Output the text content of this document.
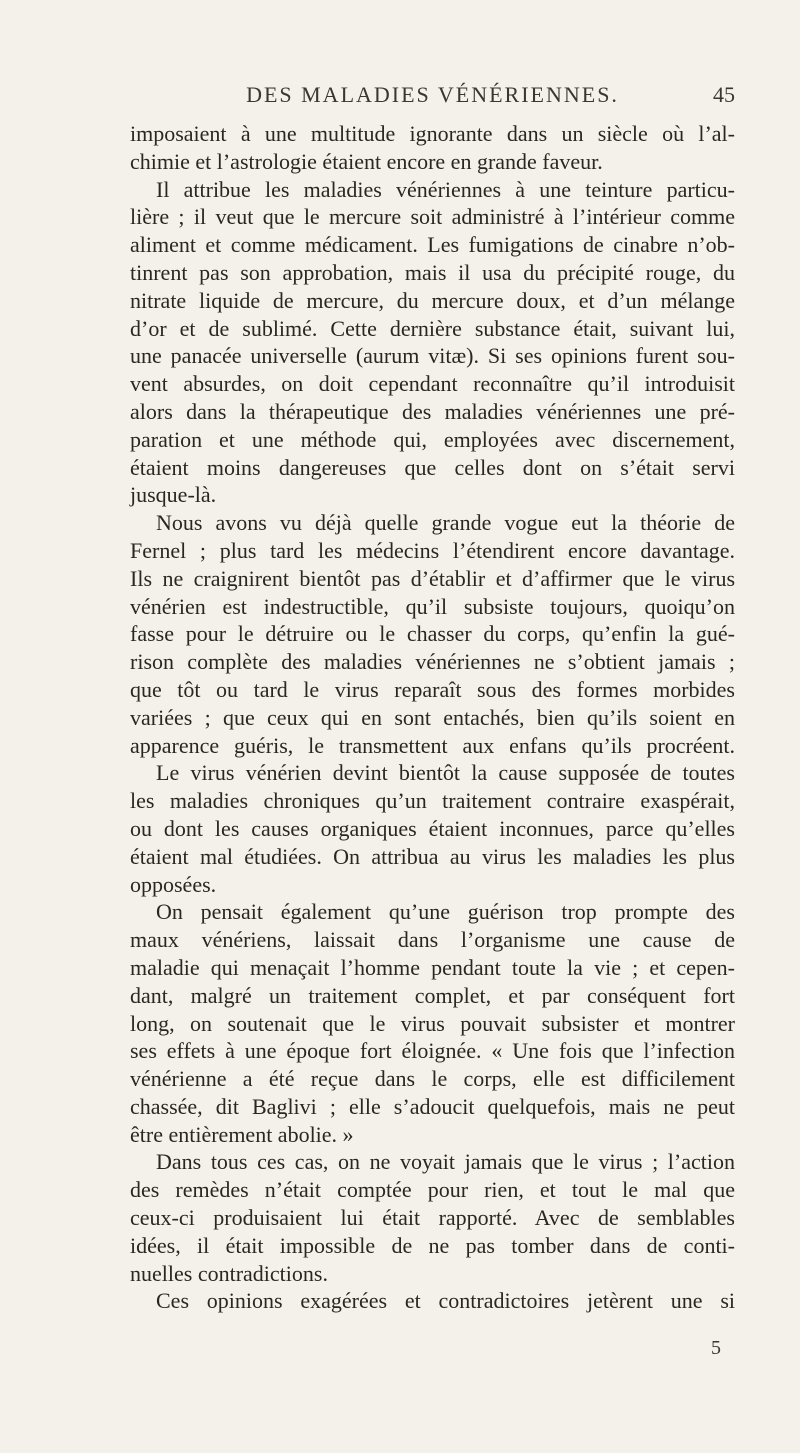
DES MALADIES VÉNÉRIENNES.	45
imposaient à une multitude ignorante dans un siècle où l’al-
chimie et l’astrologie étaient encore en grande faveur.
Il attribue les maladies vénériennes à une teinture particu-
lière ; il veut que le mercure soit administré à l’intérieur comme
aliment et comme médicament. Les fumigations de cinabre n’ob-
tinrent pas son approbation, mais il usa du précipité rouge, du
nitrate liquide de mercure, du mercure doux, et d’un mélange
d’or et de sublimé. Cette dernière substance était, suivant lui,
une panacée universelle (aurum vitæ). Si ses opinions furent sou-
vent absurdes, on doit cependant reconnaître qu’il introduisit
alors dans la thérapeutique des maladies vénériennes une pré-
paration et une méthode qui, employées avec discernement,
étaient moins dangereuses que celles dont on s’était servi
jusque-là.
Nous avons vu déjà quelle grande vogue eut la théorie de
Fernel ; plus tard les médecins l’étendirent encore davantage.
Ils ne craignirent bientôt pas d’établir et d’affirmer que le virus
vénérien est indestructible, qu’il subsiste toujours, quoiqu’on
fasse pour le détruire ou le chasser du corps, qu’enfin la gué-
rison complète des maladies vénériennes ne s’obtient jamais ;
que tôt ou tard le virus reparaît sous des formes morbides
variées ; que ceux qui en sont entachés, bien qu’ils soient en
apparence guéris, le transmettent aux enfans qu’ils procréent.
Le virus vénérien devint bientôt la cause supposée de toutes
les maladies chroniques qu’un traitement contraire exaspérait,
ou dont les causes organiques étaient inconnues, parce qu’elles
étaient mal étudiées. On attribua au virus les maladies les plus
opposées.
On pensait également qu’une guérison trop prompte des
maux vénériens, laissait dans l’organisme une cause de
maladie qui menaçait l’homme pendant toute la vie ; et cepen-
dant, malgré un traitement complet, et par conséquent fort
long, on soutenait que le virus pouvait subsister et montrer
ses effets à une époque fort éloignée. « Une fois que l’infection
vénérienne a été reçue dans le corps, elle est difficilement
chassée, dit Baglivi ; elle s’adoucit quelquefois, mais ne peut
être entièrement abolie. »
Dans tous ces cas, on ne voyait jamais que le virus ; l’action
des remèdes n’était comptée pour rien, et tout le mal que
ceux-ci produisaient lui était rapporté. Avec de semblables
idées, il était impossible de ne pas tomber dans de conti-
nuelles contradictions.
Ces opinions exagérées et contradictoires jetèrent une si
5
